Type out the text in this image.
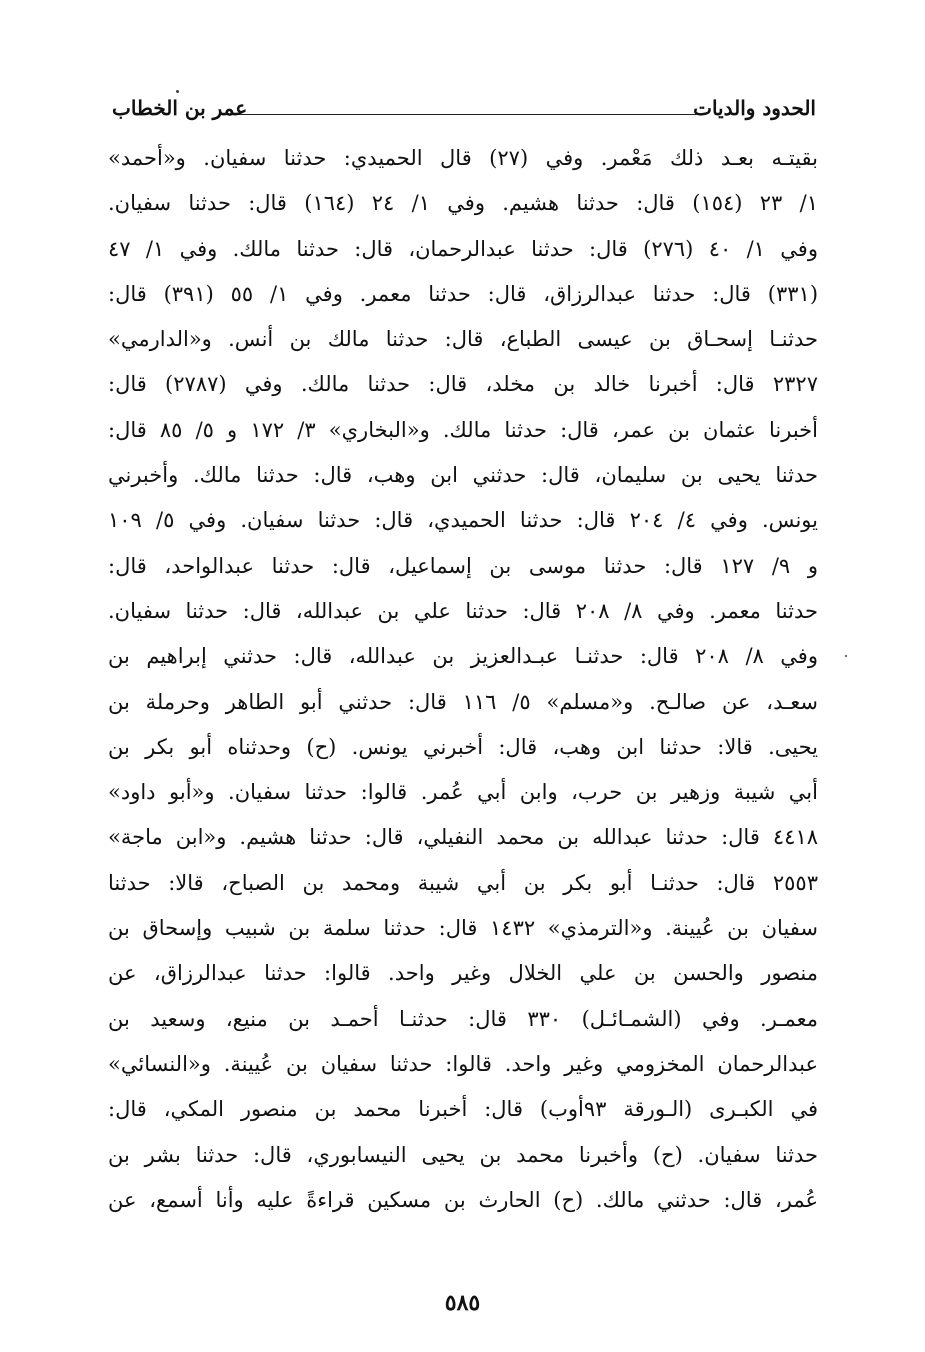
الحدود والديات
عمر بن الخطاب
بقيتـه بعـد ذلك مَعْمر. وفي (٢٧) قال الحميدي: حدثنا سفيان. و«أحمد»
١/ ٢٣ (١٥٤) قال: حدثنا هشيم. وفي ١/ ٢٤ (١٦٤) قال: حدثنا سفيان.
وفي ١/ ٤٠ (٢٧٦) قال: حدثنا عبدالرحمان، قال: حدثنا مالك. وفي ١/ ٤٧
(٣٣١) قال: حدثنا عبدالرزاق، قال: حدثنا معمر. وفي ١/ ٥٥ (٣٩١) قال:
حدثنـا إسحـاق بن عيسى الطباع، قال: حدثنا مالك بن أنس. و«الدارمي»
٢٣٢٧ قال: أخبرنا خالد بن مخلد، قال: حدثنا مالك. وفي (٢٧٨٧) قال:
أخبرنا عثمان بن عمر، قال: حدثنا مالك. و«البخاري» ٣/ ١٧٢ و ٥/ ٨٥ قال:
حدثنا يحيى بن سليمان، قال: حدثني ابن وهب، قال: حدثنا مالك. وأخبرني
يونس. وفي ٤/ ٢٠٤ قال: حدثنا الحميدي، قال: حدثنا سفيان. وفي ٥/ ١٠٩
و ٩/ ١٢٧ قال: حدثنا موسى بن إسماعيل، قال: حدثنا عبدالواحد، قال:
حدثنا معمر. وفي ٨/ ٢٠٨ قال: حدثنا علي بن عبدالله، قال: حدثنا سفيان.
وفي ٨/ ٢٠٨ قال: حدثنـا عبـدالعزيز بن عبدالله، قال: حدثني إبراهيم بن
سعـد، عن صالـح. و«مسلم» ٥/ ١١٦ قال: حدثني أبو الطاهر وحرملة بن
يحيى. قالا: حدثنا ابن وهب، قال: أخبرني يونس. (ح) وحدثناه أبو بكر بن
أبي شيبة وزهير بن حرب، وابن أبي عُمر. قالوا: حدثنا سفيان. و«أبو داود»
٤٤١٨ قال: حدثنا عبدالله بن محمد النفيلي، قال: حدثنا هشيم. و«ابن ماجة»
٢٥٥٣ قال: حدثنـا أبو بكر بن أبي شيبة ومحمد بن الصباح، قالا: حدثنا
سفيان بن عُيينة. و«الترمذي» ١٤٣٢ قال: حدثنا سلمة بن شبيب وإسحاق بن
منصور والحسن بن علي الخلال وغير واحد. قالوا: حدثنا عبدالرزاق، عن
معمـر. وفي (الشمـائـل) ٣٣٠ قال: حدثنـا أحمـد بن منيع، وسعيد بن
عبدالرحمان المخزومي وغير واحد. قالوا: حدثنا سفيان بن عُيينة. و«النسائي»
في الكبـرى (الـورقة ٩٣أوب) قال: أخبرنا محمد بن منصور المكي، قال:
حدثنا سفيان. (ح) وأخبرنا محمد بن يحيى النيسابوري، قال: حدثنا بشر بن
عُمر، قال: حدثني مالك. (ح) الحارث بن مسكين قراءةً عليه وأنا أسمع، عن
٥٨٥
